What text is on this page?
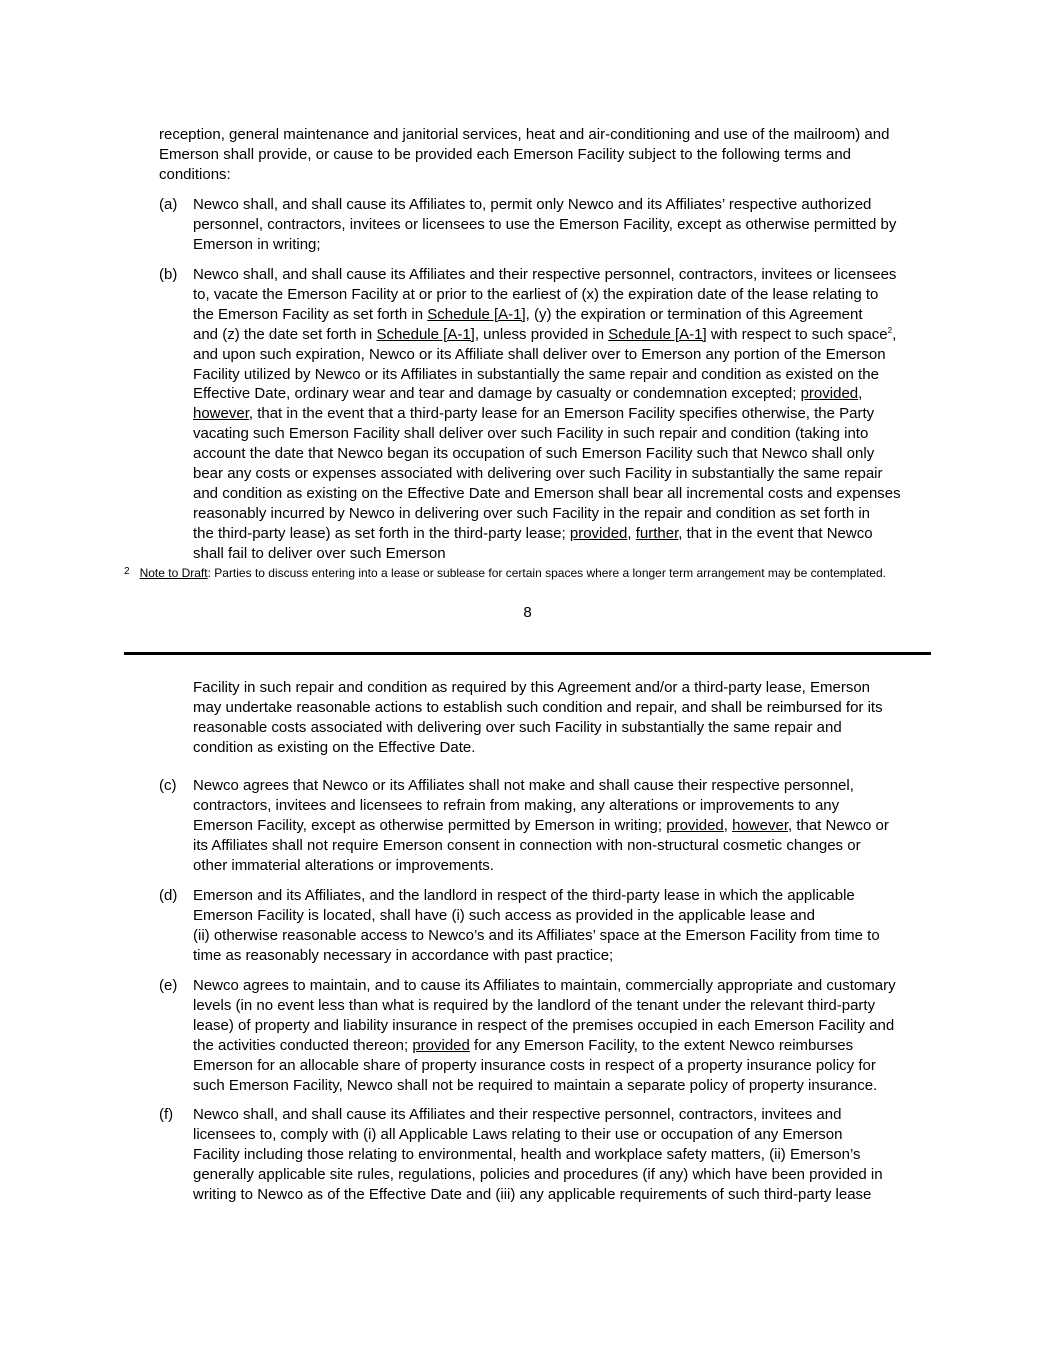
reception, general maintenance and janitorial services, heat and air-conditioning and use of the mailroom) and
Emerson shall provide, or cause to be provided each Emerson Facility subject to the following terms and
conditions:
(a) Newco shall, and shall cause its Affiliates to, permit only Newco and its Affiliates’ respective authorized
personnel, contractors, invitees or licensees to use the Emerson Facility, except as otherwise permitted by
Emerson in writing;
(b) Newco shall, and shall cause its Affiliates and their respective personnel, contractors, invitees or licensees
to, vacate the Emerson Facility at or prior to the earliest of (x) the expiration date of the lease relating to
the Emerson Facility as set forth in Schedule [A-1], (y) the expiration or termination of this Agreement
and (z) the date set forth in Schedule [A-1], unless provided in Schedule [A-1] with respect to such space$^2$,
and upon such expiration, Newco or its Affiliate shall deliver over to Emerson any portion of the Emerson
Facility utilized by Newco or its Affiliates in substantially the same repair and condition as existed on the
Effective Date, ordinary wear and tear and damage by casualty or condemnation excepted; provided,
however, that in the event that a third-party lease for an Emerson Facility specifies otherwise, the Party
vacating such Emerson Facility shall deliver over such Facility in such repair and condition (taking into
account the date that Newco began its occupation of such Emerson Facility such that Newco shall only
bear any costs or expenses associated with delivering over such Facility in substantially the same repair
and condition as existing on the Effective Date and Emerson shall bear all incremental costs and expenses
reasonably incurred by Newco in delivering over such Facility in the repair and condition as set forth in
the third-party lease) as set forth in the third-party lease; provided, further, that in the event that Newco
shall fail to deliver over such Emerson
$^2$ Note to Draft: Parties to discuss entering into a lease or sublease for certain spaces where a longer term arrangement may be contemplated.
8
Facility in such repair and condition as required by this Agreement and/or a third-party lease, Emerson
may undertake reasonable actions to establish such condition and repair, and shall be reimbursed for its
reasonable costs associated with delivering over such Facility in substantially the same repair and
condition as existing on the Effective Date.
(c) Newco agrees that Newco or its Affiliates shall not make and shall cause their respective personnel,
contractors, invitees and licensees to refrain from making, any alterations or improvements to any
Emerson Facility, except as otherwise permitted by Emerson in writing; provided, however, that Newco or
its Affiliates shall not require Emerson consent in connection with non-structural cosmetic changes or
other immaterial alterations or improvements.
(d) Emerson and its Affiliates, and the landlord in respect of the third-party lease in which the applicable
Emerson Facility is located, shall have (i) such access as provided in the applicable lease and
(ii) otherwise reasonable access to Newco’s and its Affiliates’ space at the Emerson Facility from time to
time as reasonably necessary in accordance with past practice;
(e) Newco agrees to maintain, and to cause its Affiliates to maintain, commercially appropriate and customary
levels (in no event less than what is required by the landlord of the tenant under the relevant third-party
lease) of property and liability insurance in respect of the premises occupied in each Emerson Facility and
the activities conducted thereon; provided for any Emerson Facility, to the extent Newco reimburses
Emerson for an allocable share of property insurance costs in respect of a property insurance policy for
such Emerson Facility, Newco shall not be required to maintain a separate policy of property insurance.
(f) Newco shall, and shall cause its Affiliates and their respective personnel, contractors, invitees and
licensees to, comply with (i) all Applicable Laws relating to their use or occupation of any Emerson
Facility including those relating to environmental, health and workplace safety matters, (ii) Emerson’s
generally applicable site rules, regulations, policies and procedures (if any) which have been provided in
writing to Newco as of the Effective Date and (iii) any applicable requirements of such third-party lease
